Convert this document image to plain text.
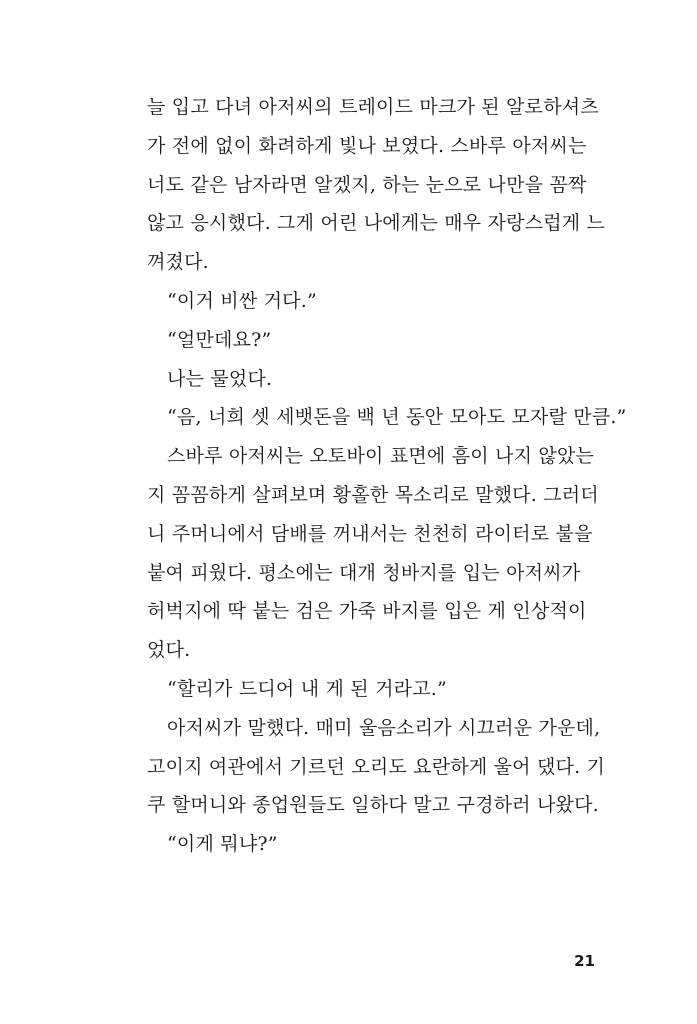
늘 입고 다녀 아저씨의 트레이드 마크가 된 알로하셔츠
가 전에 없이 화려하게 빛나 보였다. 스바루 아저씨는
너도 같은 남자라면 알겠지, 하는 눈으로 나만을 꼼짝
않고 응시했다. 그게 어린 나에게는 매우 자랑스럽게 느
껴졌다.
“이거 비싼 거다.”
“얼만데요?”
나는 물었다.
“음, 너희 셋 세뱃돈을 백 년 동안 모아도 모자랄 만큼.”
스바루 아저씨는 오토바이 표면에 흠이 나지 않았는
지 꼼꼼하게 살펴보며 황홀한 목소리로 말했다. 그러더
니 주머니에서 담배를 꺼내서는 천천히 라이터로 불을
붙여 피웠다. 평소에는 대개 청바지를 입는 아저씨가
허벅지에 딱 붙는 검은 가죽 바지를 입은 게 인상적이
었다.
“할리가 드디어 내 게 된 거라고.”
아저씨가 말했다. 매미 울음소리가 시끄러운 가운데,
고이지 여관에서 기르던 오리도 요란하게 울어 댔다. 기
쿠 할머니와 종업원들도 일하다 말고 구경하러 나왔다.
“이게 뭐냐?”
21
